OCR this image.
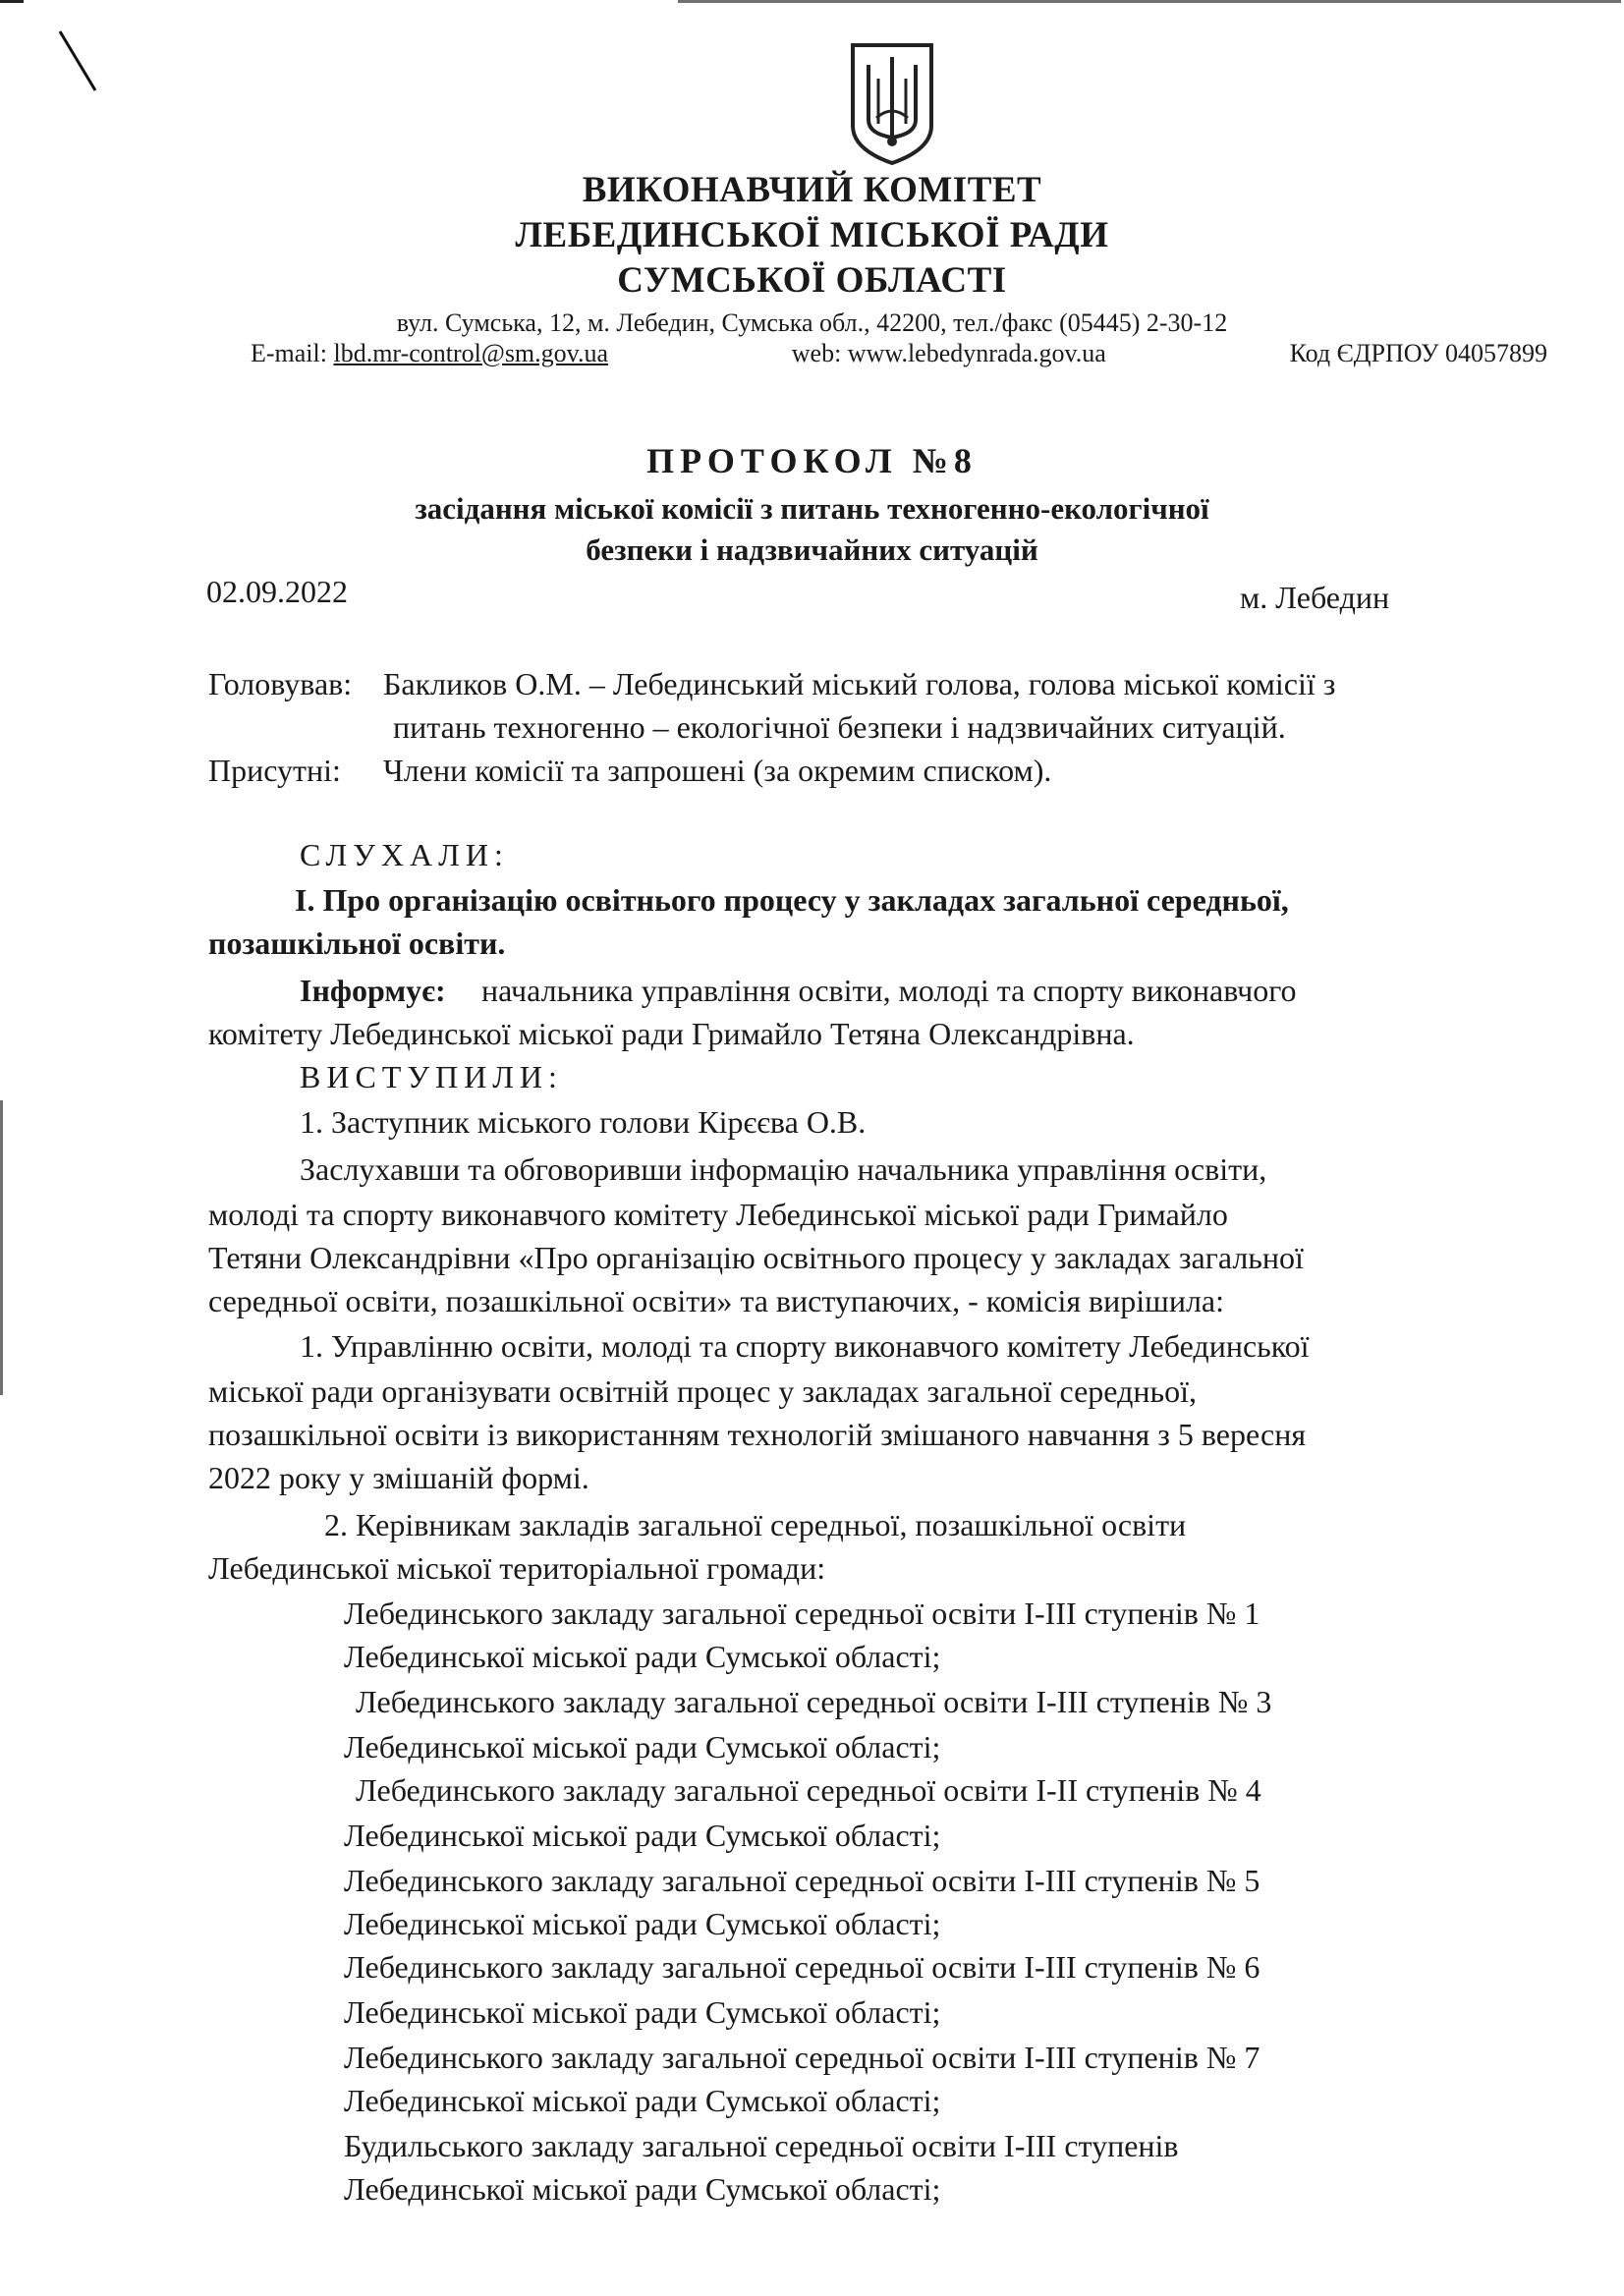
ВИКОНАВЧИЙ КОМІТЕТ
ЛЕБЕДИНСЬКОЇ МІСЬКОЇ РАДИ
СУМСЬКОЇ ОБЛАСТІ
вул. Сумська, 12, м. Лебедин, Сумська обл., 42200, тел./факс (05445) 2-30-12
E-mail: lbd.mr-control@sm.gov.ua	web: www.lebedynrada.gov.ua	Код ЄДРПОУ 04057899
ПРОТОКОЛ №8
засідання міської комісії з питань техногенно-екологічної
безпеки і надзвичайних ситуацій
02.09.2022	м. Лебедин
Головував: Бакликов О.М. – Лебединський міський голова, голова міської комісії з
питань техногенно – екологічної безпеки і надзвичайних ситуацій.
Присутні: Члени комісії та запрошені (за окремим списком).
СЛУХАЛИ:
І. Про організацію освітнього процесу у закладах загальної середньої,
позашкільної освіти.
Інформує: начальника управління освіти, молоді та спорту виконавчого
комітету Лебединської міської ради Гримайло Тетяна Олександрівна.
ВИСТУПИЛИ:
1. Заступник міського голови Кірєєва О.В.
Заслухавши та обговоривши інформацію начальника управління освіти,
молоді та спорту виконавчого комітету Лебединської міської ради Гримайло
Тетяни Олександрівни «Про організацію освітнього процесу у закладах загальної
середньої освіти, позашкільної освіти» та виступаючих, - комісія вирішила:
1. Управлінню освіти, молоді та спорту виконавчого комітету Лебединської
міської ради організувати освітній процес у закладах загальної середньої,
позашкільної освіти із використанням технологій змішаного навчання з 5 вересня
2022 року у змішаній формі.
2. Керівникам закладів загальної середньої, позашкільної освіти
Лебединської міської територіальної громади:
Лебединського закладу загальної середньої освіти І-ІІІ ступенів № 1
Лебединської міської ради Сумської області;
Лебединського закладу загальної середньої освіти І-ІІІ ступенів № 3
Лебединської міської ради Сумської області;
Лебединського закладу загальної середньої освіти І-ІІ ступенів № 4
Лебединської міської ради Сумської області;
Лебединського закладу загальної середньої освіти І-ІІІ ступенів № 5
Лебединської міської ради Сумської області;
Лебединського закладу загальної середньої освіти І-ІІІ ступенів № 6
Лебединської міської ради Сумської області;
Лебединського закладу загальної середньої освіти І-ІІІ ступенів № 7
Лебединської міської ради Сумської області;
Будильського закладу загальної середньої освіти І-ІІІ ступенів
Лебединської міської ради Сумської області;
